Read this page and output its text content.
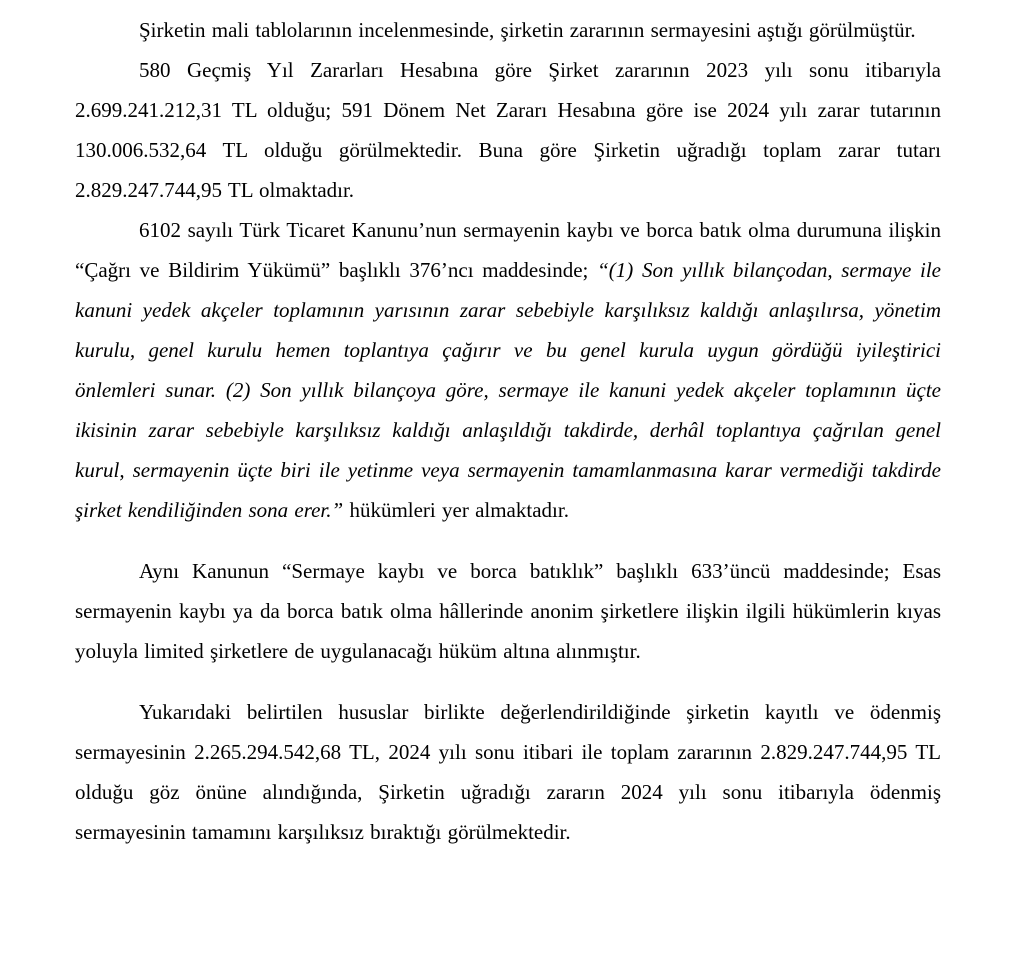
Şirketin mali tablolarının incelenmesinde, şirketin zararının sermayesini aştığı görülmüştür.

580 Geçmiş Yıl Zararları Hesabına göre Şirket zararının 2023 yılı sonu itibarıyla 2.699.241.212,31 TL olduğu; 591 Dönem Net Zararı Hesabına göre ise 2024 yılı zarar tutarının 130.006.532,64 TL olduğu görülmektedir. Buna göre Şirketin uğradığı toplam zarar tutarı 2.829.247.744,95 TL olmaktadır.

6102 sayılı Türk Ticaret Kanunu’nun sermayenin kaybı ve borca batık olma durumuna ilişkin “Çağrı ve Bildirim Yükümü” başlıklı 376’ncı maddesinde; “(1) Son yıllık bilançodan, sermaye ile kanuni yedek akçeler toplamının yarısının zarar sebebiyle karşılıksız kaldığı anlaşılırsa, yönetim kurulu, genel kurulu hemen toplantıya çağırır ve bu genel kurula uygun gördüğü iyileştirici önlemleri sunar. (2) Son yıllık bilançoya göre, sermaye ile kanuni yedek akçeler toplamının üçte ikisinin zarar sebebiyle karşılıksız kaldığı anlaşıldığı takdirde, derhâl toplantıya çağrılan genel kurul, sermayenin üçte biri ile yetinme veya sermayenin tamamlanmasına karar vermediği takdirde şirket kendiliğinden sona erer.” hükümleri yer almaktadır.

Aynı Kanunun “Sermaye kaybı ve borca batıklık” başlıklı 633’üncü maddesinde; Esas sermayenin kaybı ya da borca batık olma hâllerinde anonim şirketlere ilişkin ilgili hükümlerin kıyas yoluyla limited şirketlere de uygulanacağı hüküm altına alınmıştır.

Yukarıdaki belirtilen hususlar birlikte değerlendirildiğinde şirketin kayıtlı ve ödenmiş sermayesinin 2.265.294.542,68 TL, 2024 yılı sonu itibari ile toplam zararının 2.829.247.744,95 TL olduğu göz önüne alındığında, Şirketin uğradığı zararın 2024 yılı sonu itibarıyla ödenmiş sermayesinin tamamını karşılıksız bıraktığı görülmektedir.
